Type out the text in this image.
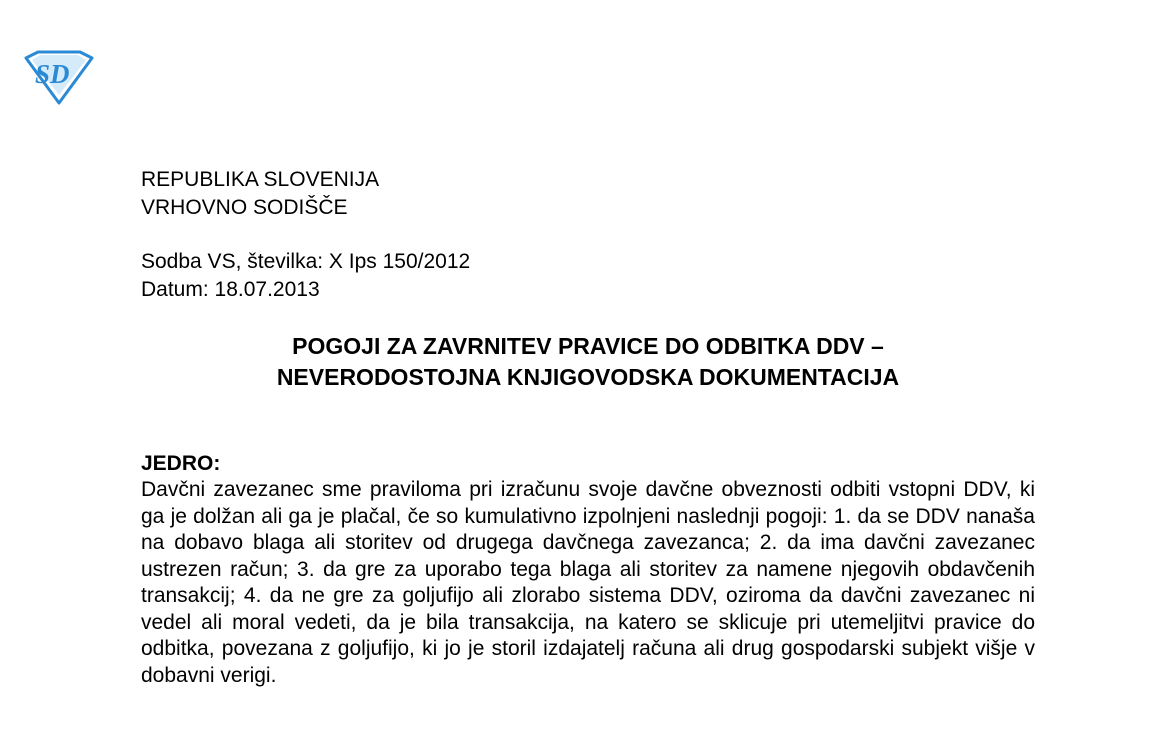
SD
REPUBLIKA SLOVENIJA
VRHOVNO SODIŠČE
Sodba VS, številka: X Ips 150/2012
Datum: 18.07.2013
POGOJI ZA ZAVRNITEV PRAVICE DO ODBITKA DDV –
NEVERODOSTOJNA KNJIGOVODSKA DOKUMENTACIJA
JEDRO:
Davčni zavezanec sme praviloma pri izračunu svoje davčne obveznosti odbiti vstopni DDV, ki ga je dolžan ali ga je plačal, če so kumulativno izpolnjeni naslednji pogoji: 1. da se DDV nanaša na dobavo blaga ali storitev od drugega davčnega zavezanca; 2. da ima davčni zavezanec ustrezen račun; 3. da gre za uporabo tega blaga ali storitev za namene njegovih obdavčenih transakcij; 4. da ne gre za goljufijo ali zlorabo sistema DDV, oziroma da davčni zavezanec ni vedel ali moral vedeti, da je bila transakcija, na katero se sklicuje pri utemeljitvi pravice do odbitka, povezana z goljufijo, ki jo je storil izdajatelj računa ali drug gospodarski subjekt višje v dobavni verigi.
